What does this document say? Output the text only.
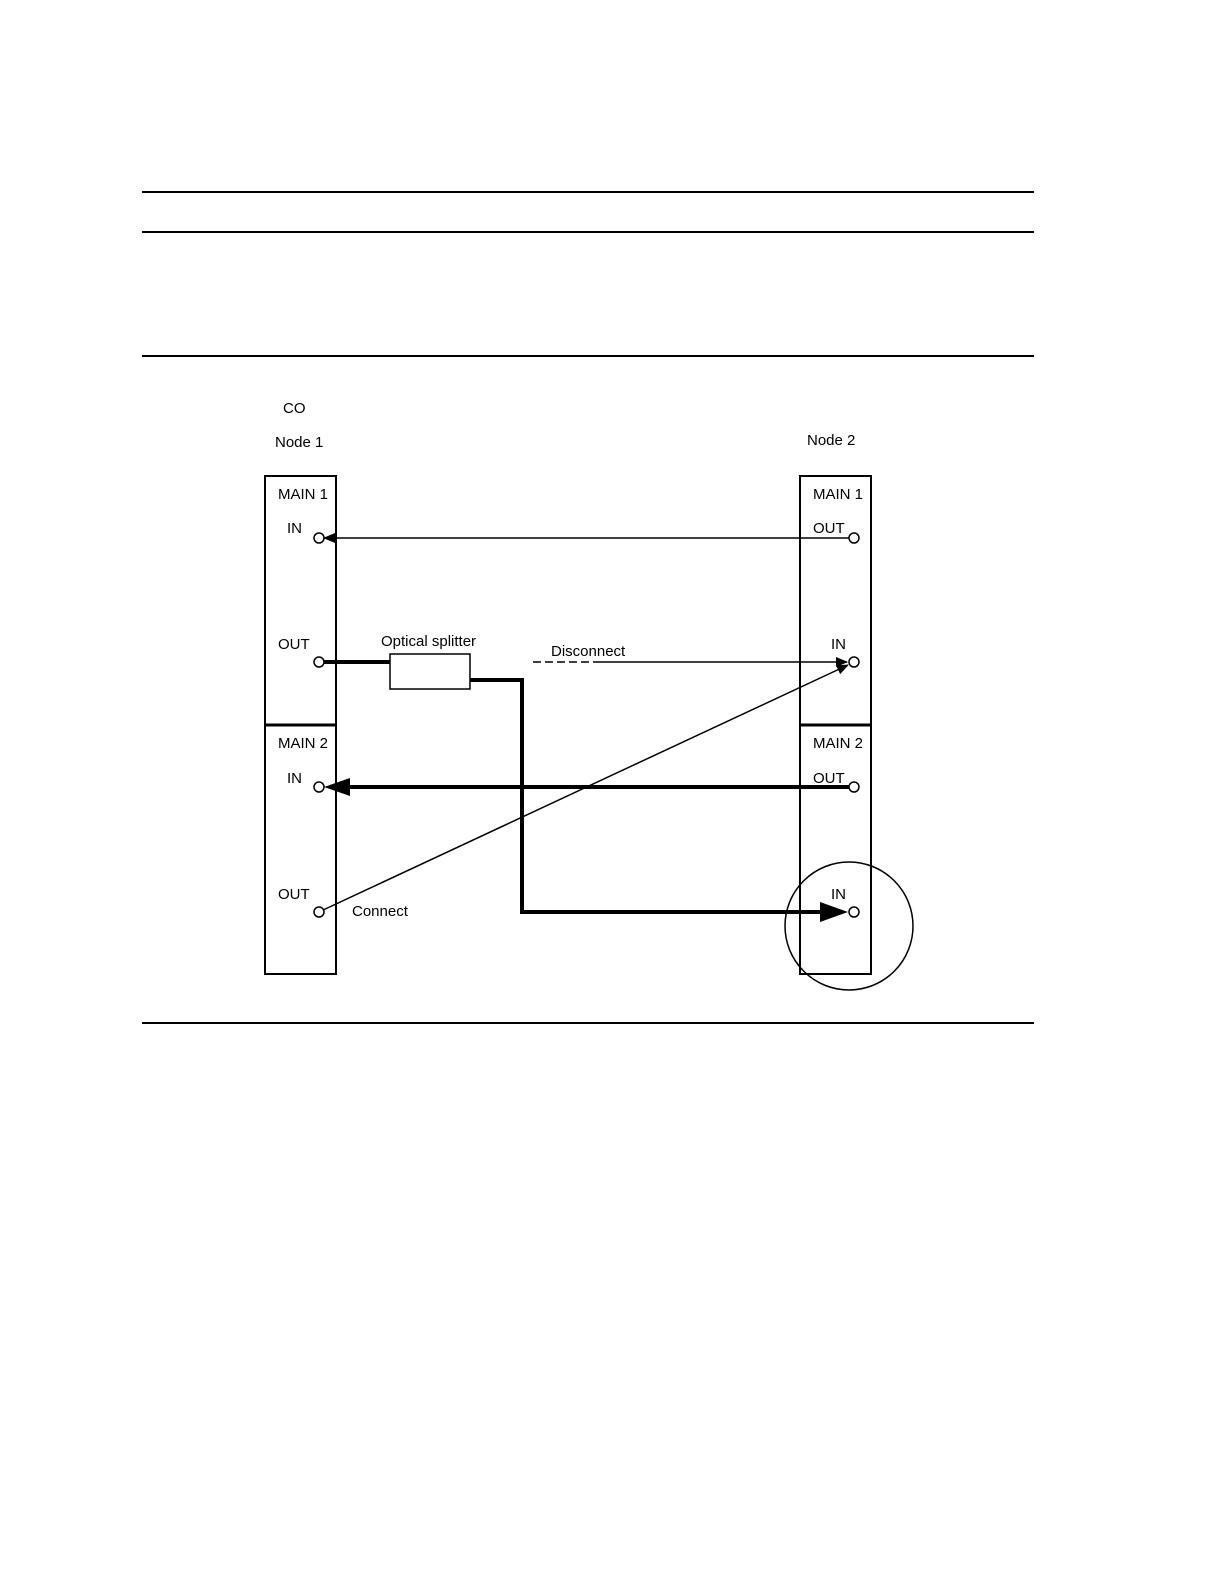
CO
Node 1	Node 2
MAIN 1
IN
OUT
MAIN 2
IN
OUT
MAIN 1
OUT
IN
MAIN 2
OUT
IN
Optical splitter
Disconnect
Connect
